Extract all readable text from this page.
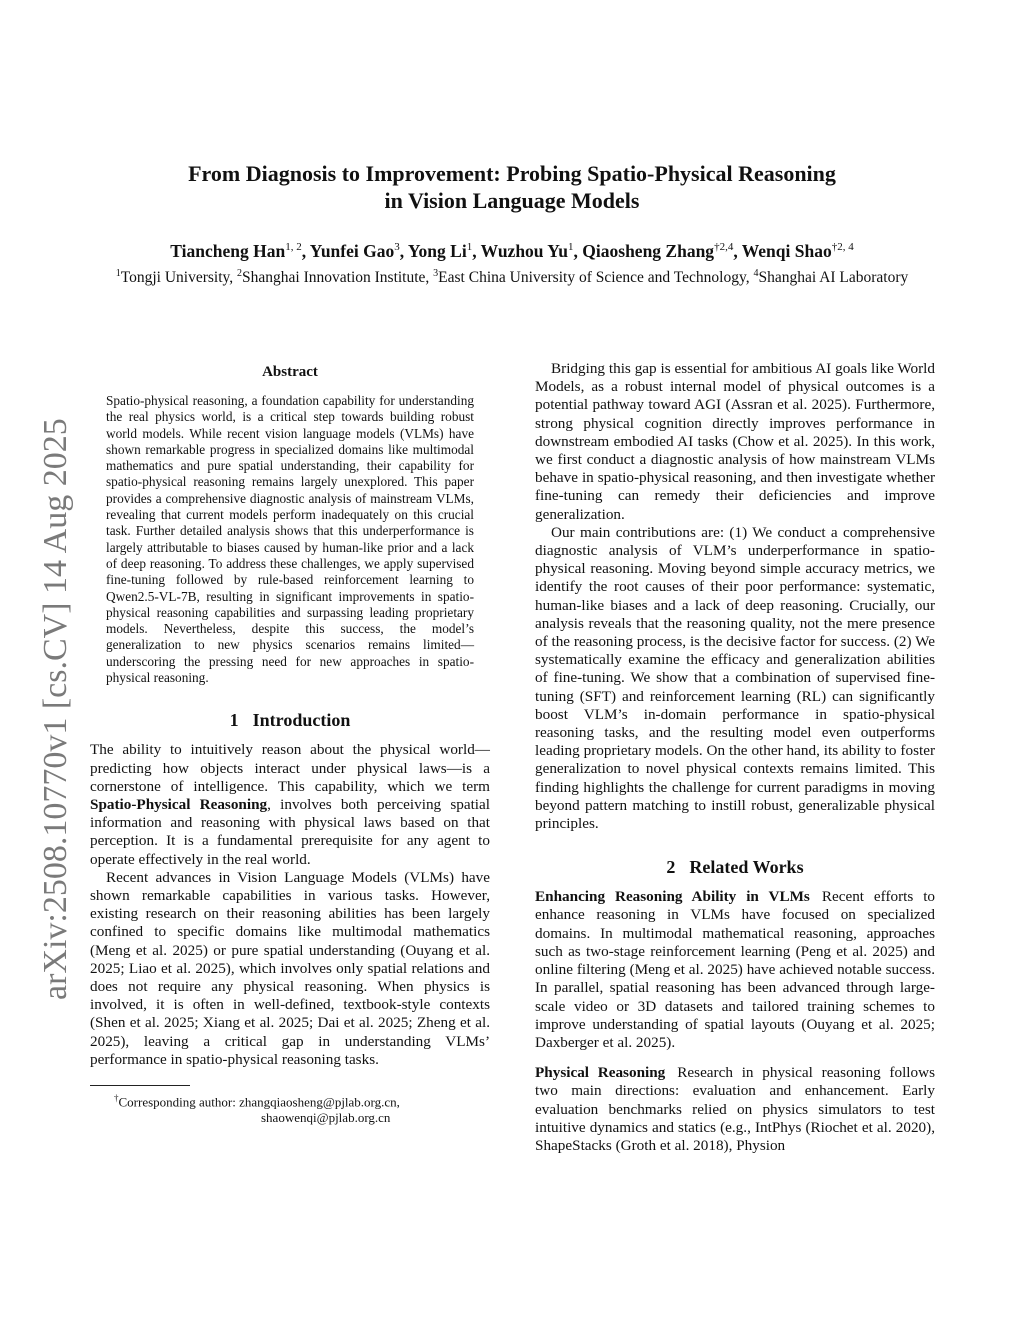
From Diagnosis to Improvement: Probing Spatio-Physical Reasoning
in Vision Language Models
Tiancheng Han$^{1, 2}$, Yunfei Gao$^3$, Yong Li$^1$, Wuzhou Yu$^1$, Qiaosheng Zhang$^{\dagger 2,4}$, Wenqi Shao$^{\dagger 2, 4}$
$^1$Tongji University, $^2$Shanghai Innovation Institute, $^3$East China University of Science and Technology, $^4$Shanghai AI Laboratory
arXiv:2508.10770v1 [cs.CV] 14 Aug 2025
Abstract
Spatio-physical reasoning, a foundation capability for understanding the real physics world, is a critical step towards building robust world models. While recent vision language models (VLMs) have shown remarkable progress in specialized domains like multimodal mathematics and pure spatial understanding, their capability for spatio-physical reasoning remains largely unexplored. This paper provides a comprehensive diagnostic analysis of mainstream VLMs, revealing that current models perform inadequately on this crucial task. Further detailed analysis shows that this underperformance is largely attributable to biases caused by human-like prior and a lack of deep reasoning. To address these challenges, we apply supervised fine-tuning followed by rule-based reinforcement learning to Qwen2.5-VL-7B, resulting in significant improvements in spatio-physical reasoning capabilities and surpassing leading proprietary models. Nevertheless, despite this success, the model’s generalization to new physics scenarios remains limited—underscoring the pressing need for new approaches in spatio-physical reasoning.
1 Introduction

The ability to intuitively reason about the physical world—predicting how objects interact under physical laws—is a cornerstone of intelligence. This capability, which we term Spatio-Physical Reasoning, involves both perceiving spatial information and reasoning with physical laws based on that perception. It is a fundamental prerequisite for any agent to operate effectively in the real world.

Recent advances in Vision Language Models (VLMs) have shown remarkable capabilities in various tasks. However, existing research on their reasoning abilities has been largely confined to specific domains like multimodal mathematics (Meng et al. 2025) or pure spatial understanding (Ouyang et al. 2025; Liao et al. 2025), which involves only spatial relations and does not require any physical reasoning. When physics is involved, it is often in well-defined, textbook-style contexts (Shen et al. 2025; Xiang et al. 2025; Dai et al. 2025; Zheng et al. 2025), leaving a critical gap in understanding VLMs’ performance in spatio-physical reasoning tasks.

†Corresponding author: zhangqiaosheng@pjlab.org.cn,
shaowenqi@pjlab.org.cn

Bridging this gap is essential for ambitious AI goals like World Models, as a robust internal model of physical outcomes is a potential pathway toward AGI (Assran et al. 2025). Furthermore, strong physical cognition directly improves performance in downstream embodied AI tasks (Chow et al. 2025). In this work, we first conduct a diagnostic analysis of how mainstream VLMs behave in spatio-physical reasoning, and then investigate whether fine-tuning can remedy their deficiencies and improve generalization.

Our main contributions are: (1) We conduct a comprehensive diagnostic analysis of VLM’s underperformance in spatio-physical reasoning. Moving beyond simple accuracy metrics, we identify the root causes of their poor performance: systematic, human-like biases and a lack of deep reasoning. Crucially, our analysis reveals that the reasoning quality, not the mere presence of the reasoning process, is the decisive factor for success. (2) We systematically examine the efficacy and generalization abilities of fine-tuning. We show that a combination of supervised fine-tuning (SFT) and reinforcement learning (RL) can significantly boost VLM’s in-domain performance in spatio-physical reasoning tasks, and the resulting model even outperforms leading proprietary models. On the other hand, its ability to foster generalization to novel physical contexts remains limited. This finding highlights the challenge for current paradigms in moving beyond pattern matching to instill robust, generalizable physical principles.

2 Related Works

Enhancing Reasoning Ability in VLMs Recent efforts to enhance reasoning in VLMs have focused on specialized domains. In multimodal mathematical reasoning, approaches such as two-stage reinforcement learning (Peng et al. 2025) and online filtering (Meng et al. 2025) have achieved notable success. In parallel, spatial reasoning has been advanced through large-scale video or 3D datasets and tailored training schemes to improve understanding of spatial layouts (Ouyang et al. 2025; Daxberger et al. 2025).

Physical Reasoning Research in physical reasoning follows two main directions: evaluation and enhancement. Early evaluation benchmarks relied on physics simulators to test intuitive dynamics and statics (e.g., IntPhys (Riochet et al. 2020), ShapeStacks (Groth et al. 2018), Physion
